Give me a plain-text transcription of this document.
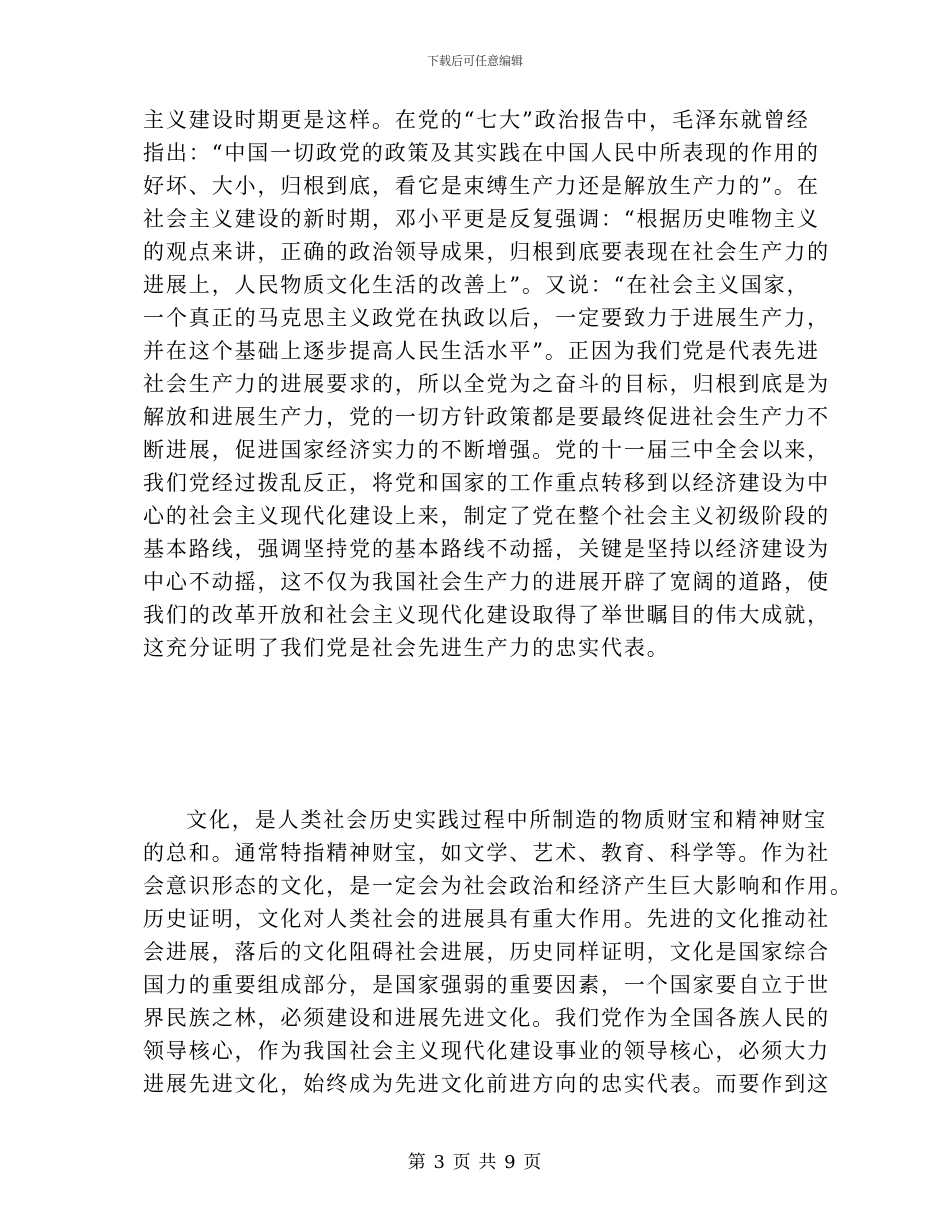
下载后可任意编辑
主义建设时期更是这样。在党的“七大”政治报告中，毛泽东就曾经
指出：“中国一切政党的政策及其实践在中国人民中所表现的作用的
好坏、大小，归根到底，看它是束缚生产力还是解放生产力的”。在
社会主义建设的新时期，邓小平更是反复强调：“根据历史唯物主义
的观点来讲，正确的政治领导成果，归根到底要表现在社会生产力的
进展上，人民物质文化生活的改善上”。又说：“在社会主义国家，
一个真正的马克思主义政党在执政以后，一定要致力于进展生产力，
并在这个基础上逐步提高人民生活水平”。正因为我们党是代表先进
社会生产力的进展要求的，所以全党为之奋斗的目标，归根到底是为
解放和进展生产力，党的一切方针政策都是要最终促进社会生产力不
断进展，促进国家经济实力的不断增强。党的十一届三中全会以来，
我们党经过拨乱反正，将党和国家的工作重点转移到以经济建设为中
心的社会主义现代化建设上来，制定了党在整个社会主义初级阶段的
基本路线，强调坚持党的基本路线不动摇，关键是坚持以经济建设为
中心不动摇，这不仅为我国社会生产力的进展开辟了宽阔的道路，使
我们的改革开放和社会主义现代化建设取得了举世瞩目的伟大成就，
这充分证明了我们党是社会先进生产力的忠实代表。
文化，是人类社会历史实践过程中所制造的物质财宝和精神财宝
的总和。通常特指精神财宝，如文学、艺术、教育、科学等。作为社
会意识形态的文化，是一定会为社会政治和经济产生巨大影响和作用。
历史证明，文化对人类社会的进展具有重大作用。先进的文化推动社
会进展，落后的文化阻碍社会进展，历史同样证明，文化是国家综合
国力的重要组成部分，是国家强弱的重要因素，一个国家要自立于世
界民族之林，必须建设和进展先进文化。我们党作为全国各族人民的
领导核心，作为我国社会主义现代化建设事业的领导核心，必须大力
进展先进文化，始终成为先进文化前进方向的忠实代表。而要作到这
第 3 页 共 9 页
